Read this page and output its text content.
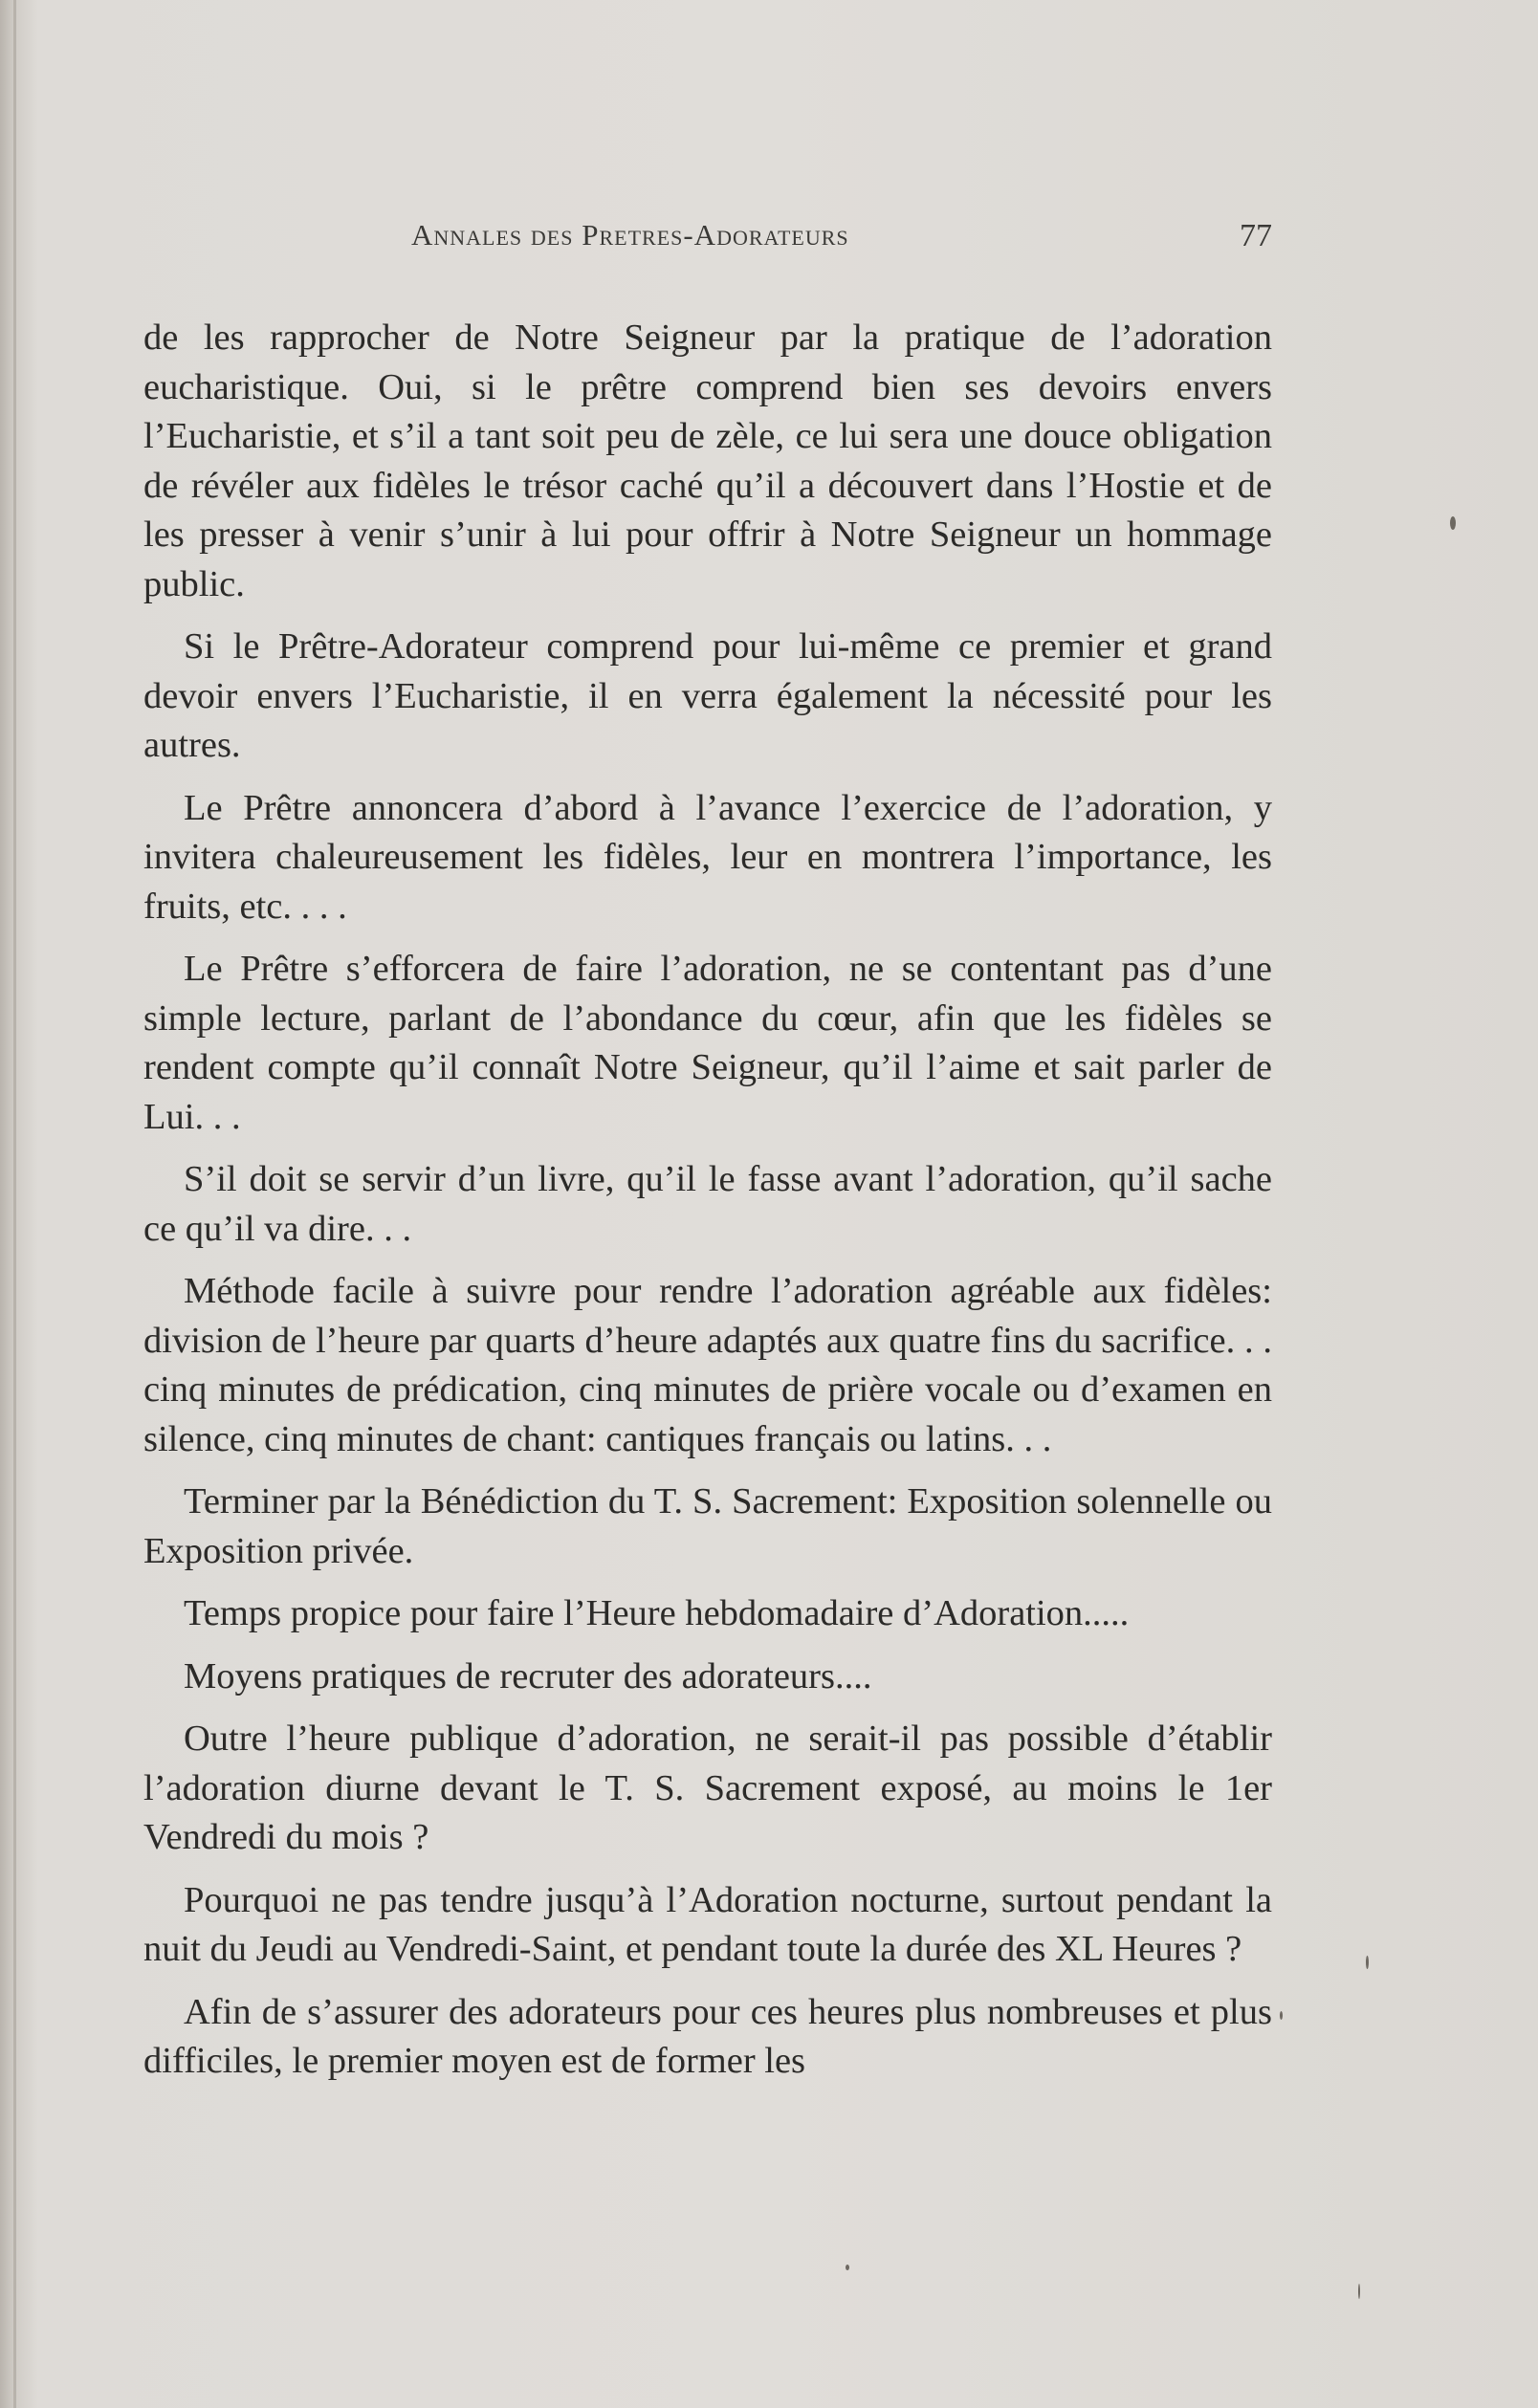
Annales des Pretres-Adorateurs	77

de les rapprocher de Notre Seigneur par la pratique de l’adoration eucharistique. Oui, si le prêtre comprend bien ses devoirs envers l’Eucharistie, et s’il a tant soit peu de zèle, ce lui sera une douce obligation de révéler aux fidèles le trésor caché qu’il a découvert dans l’Hostie et de les presser à venir s’unir à lui pour offrir à Notre Seigneur un hommage public.

Si le Prêtre-Adorateur comprend pour lui-même ce premier et grand devoir envers l’Eucharistie, il en verra également la nécessité pour les autres.

Le Prêtre annoncera d’abord à l’avance l’exercice de l’adoration, y invitera chaleureusement les fidèles, leur en montrera l’importance, les fruits, etc. . . .

Le Prêtre s’efforcera de faire l’adoration, ne se contentant pas d’une simple lecture, parlant de l’abondance du cœur, afin que les fidèles se rendent compte qu’il connaît Notre Seigneur, qu’il l’aime et sait parler de Lui. . .

S’il doit se servir d’un livre, qu’il le fasse avant l’adoration, qu’il sache ce qu’il va dire. . .

Méthode facile à suivre pour rendre l’adoration agréable aux fidèles: division de l’heure par quarts d’heure adaptés aux quatre fins du sacrifice. . . cinq minutes de prédication, cinq minutes de prière vocale ou d’examen en silence, cinq minutes de chant: cantiques français ou latins. . .

Terminer par la Bénédiction du T. S. Sacrement: Exposition solennelle ou Exposition privée.

Temps propice pour faire l’Heure hebdomadaire d’Adoration.....

Moyens pratiques de recruter des adorateurs....

Outre l’heure publique d’adoration, ne serait-il pas possible d’établir l’adoration diurne devant le T. S. Sacrement exposé, au moins le 1er Vendredi du mois ?

Pourquoi ne pas tendre jusqu’à l’Adoration nocturne, surtout pendant la nuit du Jeudi au Vendredi-Saint, et pendant toute la durée des XL Heures ?

Afin de s’assurer des adorateurs pour ces heures plus nombreuses et plus difficiles, le premier moyen est de former les
